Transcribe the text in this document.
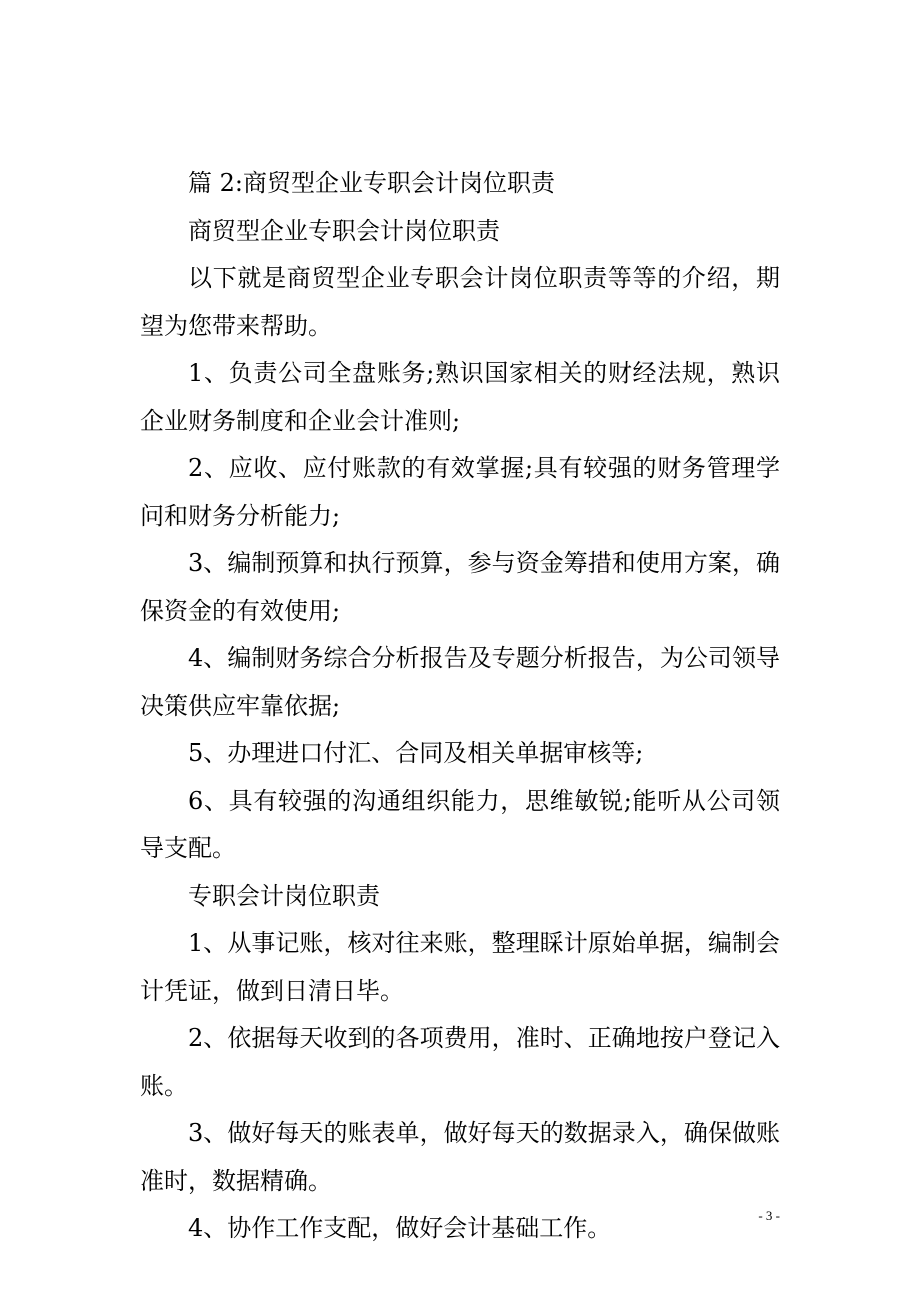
篇 2:商贸型企业专职会计岗位职责

商贸型企业专职会计岗位职责

以下就是商贸型企业专职会计岗位职责等等的介绍，期望为您带来帮助。

1、负责公司全盘账务;熟识国家相关的财经法规，熟识企业财务制度和企业会计准则;

2、应收、应付账款的有效掌握;具有较强的财务管理学问和财务分析能力;

3、编制预算和执行预算，参与资金筹措和使用方案，确保资金的有效使用;

4、编制财务综合分析报告及专题分析报告，为公司领导决策供应牢靠依据;

5、办理进口付汇、合同及相关单据审核等;

6、具有较强的沟通组织能力，思维敏锐;能听从公司领导支配。

专职会计岗位职责

1、从事记账，核对往来账，整理睬计原始单据，编制会计凭证，做到日清日毕。

2、依据每天收到的各项费用，准时、正确地按户登记入账。

3、做好每天的账表单，做好每天的数据录入，确保做账准时，数据精确。

4、协作工作支配，做好会计基础工作。	- 3 -
